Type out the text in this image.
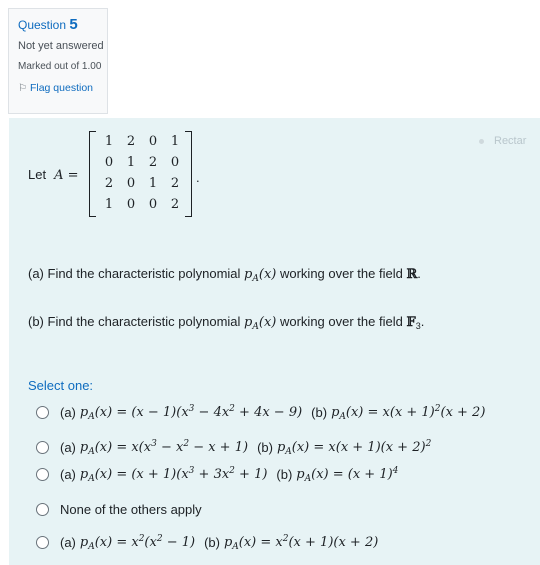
Question 5
Not yet answered
Marked out of 1.00
⚐ Flag question
Rectar
Let A =
1	2	0	1
0	1	2	0
2	0	1	2
1	0	0	2
.
(a) Find the characteristic polynomial $p_A(x)$ working over the field ℝ.
(b) Find the characteristic polynomial $p_A(x)$ working over the field 𝔽$_3$.
Select one:
(a) $p_A(x) = (x - 1)(x^3 - 4x^2 + 4x - 9)$ (b) $p_A(x) = x(x + 1)^2(x + 2)$
(a) $p_A(x) = x(x^3 - x^2 - x + 1)$ (b) $p_A(x) = x(x + 1)(x + 2)^2$
(a) $p_A(x) = (x + 1)(x^3 + 3x^2 + 1)$ (b) $p_A(x) = (x + 1)^4$
None of the others apply
(a) $p_A(x) = x^2(x^2 - 1)$ (b) $p_A(x) = x^2(x + 1)(x + 2)$
